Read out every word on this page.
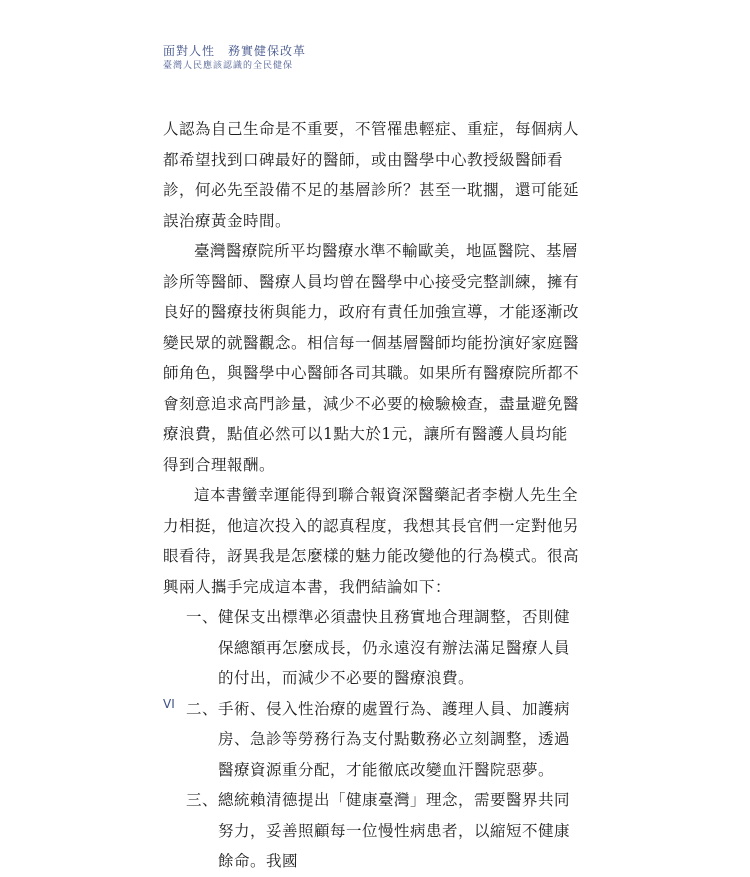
面對人性　務實健保改革
臺灣人民應該認識的全民健保

人認為自己生命是不重要，不管罹患輕症、重症，每個病人都希望找到口碑最好的醫師，或由醫學中心教授級醫師看診，何必先至設備不足的基層診所？甚至一耽擱，還可能延誤治療黃金時間。

臺灣醫療院所平均醫療水準不輸歐美，地區醫院、基層診所等醫師、醫療人員均曾在醫學中心接受完整訓練，擁有良好的醫療技術與能力，政府有責任加強宣導，才能逐漸改變民眾的就醫觀念。相信每一個基層醫師均能扮演好家庭醫師角色，與醫學中心醫師各司其職。如果所有醫療院所都不會刻意追求高門診量，減少不必要的檢驗檢查，盡量避免醫療浪費，點值必然可以1點大於1元，讓所有醫護人員均能得到合理報酬。

這本書蠻幸運能得到聯合報資深醫藥記者李樹人先生全力相挺，他這次投入的認真程度，我想其長官們一定對他另眼看待，訝異我是怎麼樣的魅力能改變他的行為模式。很高興兩人攜手完成這本書，我們結論如下：

一、 健保支出標準必須盡快且務實地合理調整，否則健保總額再怎麼成長，仍永遠沒有辦法滿足醫療人員的付出，而減少不必要的醫療浪費。
二、 手術、侵入性治療的處置行為、護理人員、加護病房、急診等勞務行為支付點數務必立刻調整，透過醫療資源重分配，才能徹底改變血汗醫院惡夢。
三、 總統賴清德提出「健康臺灣」理念，需要醫界共同努力，妥善照顧每一位慢性病患者，以縮短不健康餘命。我國
VI
